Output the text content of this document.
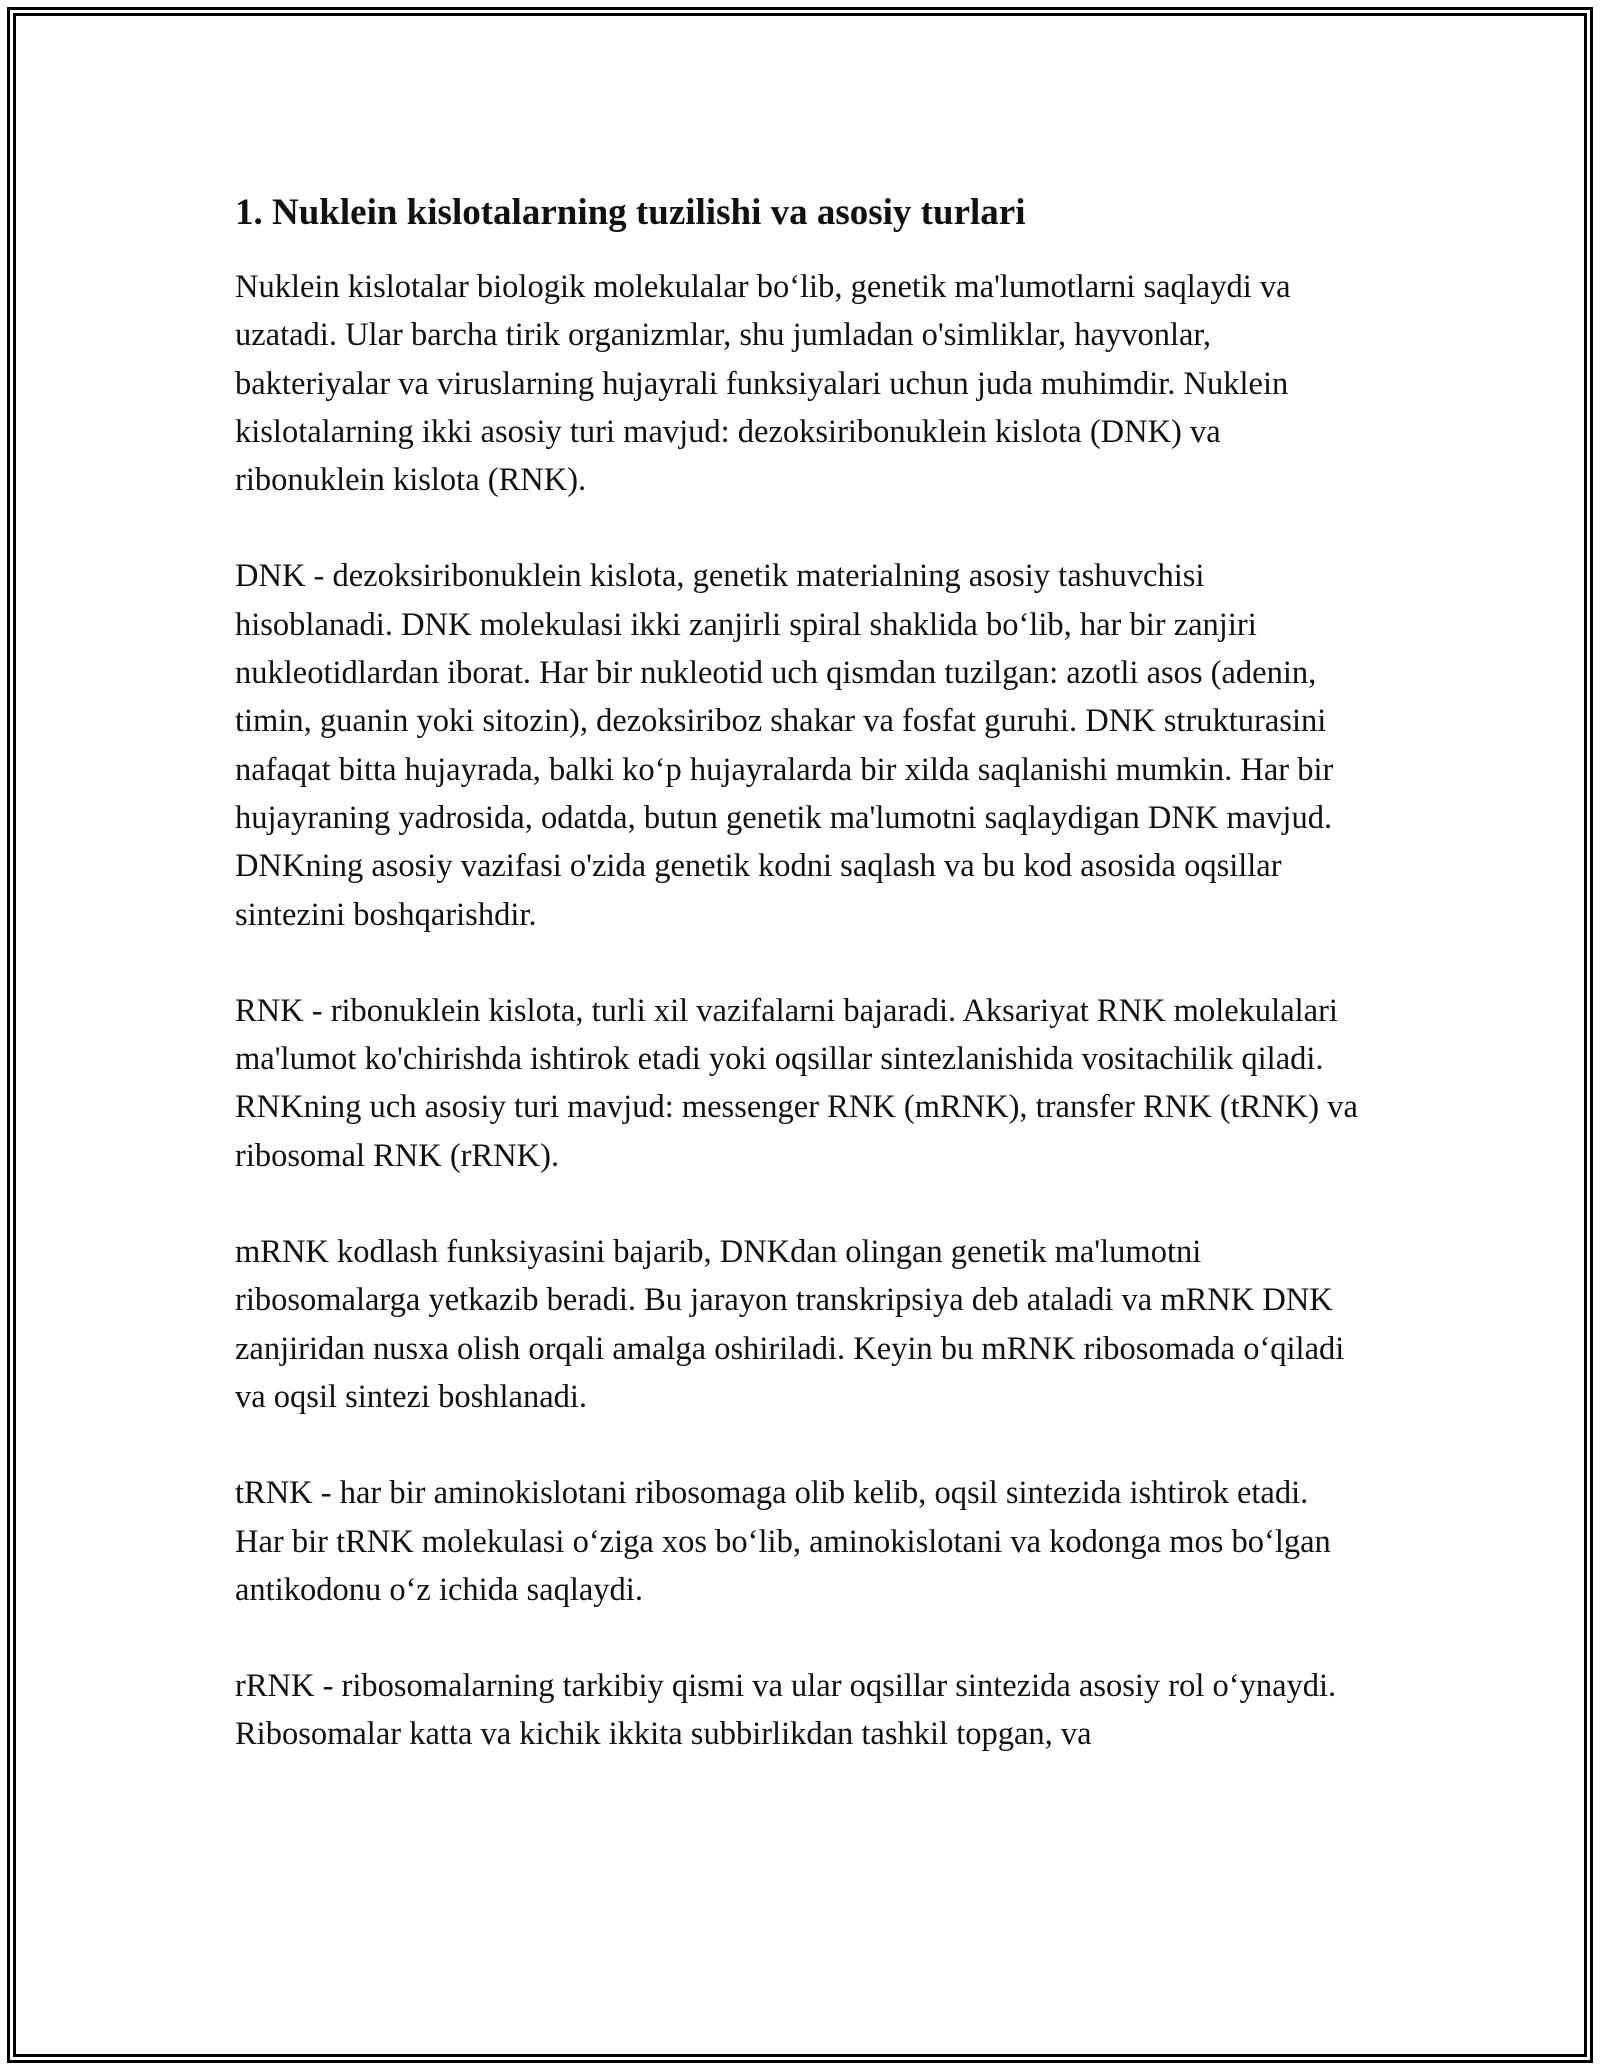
1. Nuklein kislotalarning tuzilishi va asosiy turlari

Nuklein kislotalar biologik molekulalar bo‘lib, genetik ma'lumotlarni saqlaydi va uzatadi. Ular barcha tirik organizmlar, shu jumladan o'simliklar, hayvonlar, bakteriyalar va viruslarning hujayrali funksiyalari uchun juda muhimdir. Nuklein kislotalarning ikki asosiy turi mavjud: dezoksiribonuklein kislota (DNK) va ribonuklein kislota (RNK).

DNK - dezoksiribonuklein kislota, genetik materialning asosiy tashuvchisi hisoblanadi. DNK molekulasi ikki zanjirli spiral shaklida bo‘lib, har bir zanjiri nukleotidlardan iborat. Har bir nukleotid uch qismdan tuzilgan: azotli asos (adenin, timin, guanin yoki sitozin), dezoksiriboz shakar va fosfat guruhi. DNK strukturasini nafaqat bitta hujayrada, balki ko‘p hujayralarda bir xilda saqlanishi mumkin. Har bir hujayraning yadrosida, odatda, butun genetik ma'lumotni saqlaydigan DNK mavjud. DNKning asosiy vazifasi o'zida genetik kodni saqlash va bu kod asosida oqsillar sintezini boshqarishdir.

RNK - ribonuklein kislota, turli xil vazifalarni bajaradi. Aksariyat RNK molekulalari ma'lumot ko'chirishda ishtirok etadi yoki oqsillar sintezlanishida vositachilik qiladi. RNKning uch asosiy turi mavjud: messenger RNK (mRNK), transfer RNK (tRNK) va ribosomal RNK (rRNK).

mRNK kodlash funksiyasini bajarib, DNKdan olingan genetik ma'lumotni ribosomalarga yetkazib beradi. Bu jarayon transkripsiya deb ataladi va mRNK DNK zanjiridan nusxa olish orqali amalga oshiriladi. Keyin bu mRNK ribosomada o‘qiladi va oqsil sintezi boshlanadi.

tRNK - har bir aminokislotani ribosomaga olib kelib, oqsil sintezida ishtirok etadi. Har bir tRNK molekulasi o‘ziga xos bo‘lib, aminokislotani va kodonga mos bo‘lgan antikodonu o‘z ichida saqlaydi.

rRNK - ribosomalarning tarkibiy qismi va ular oqsillar sintezida asosiy rol o‘ynaydi. Ribosomalar katta va kichik ikkita subbirlikdan tashkil topgan, va
